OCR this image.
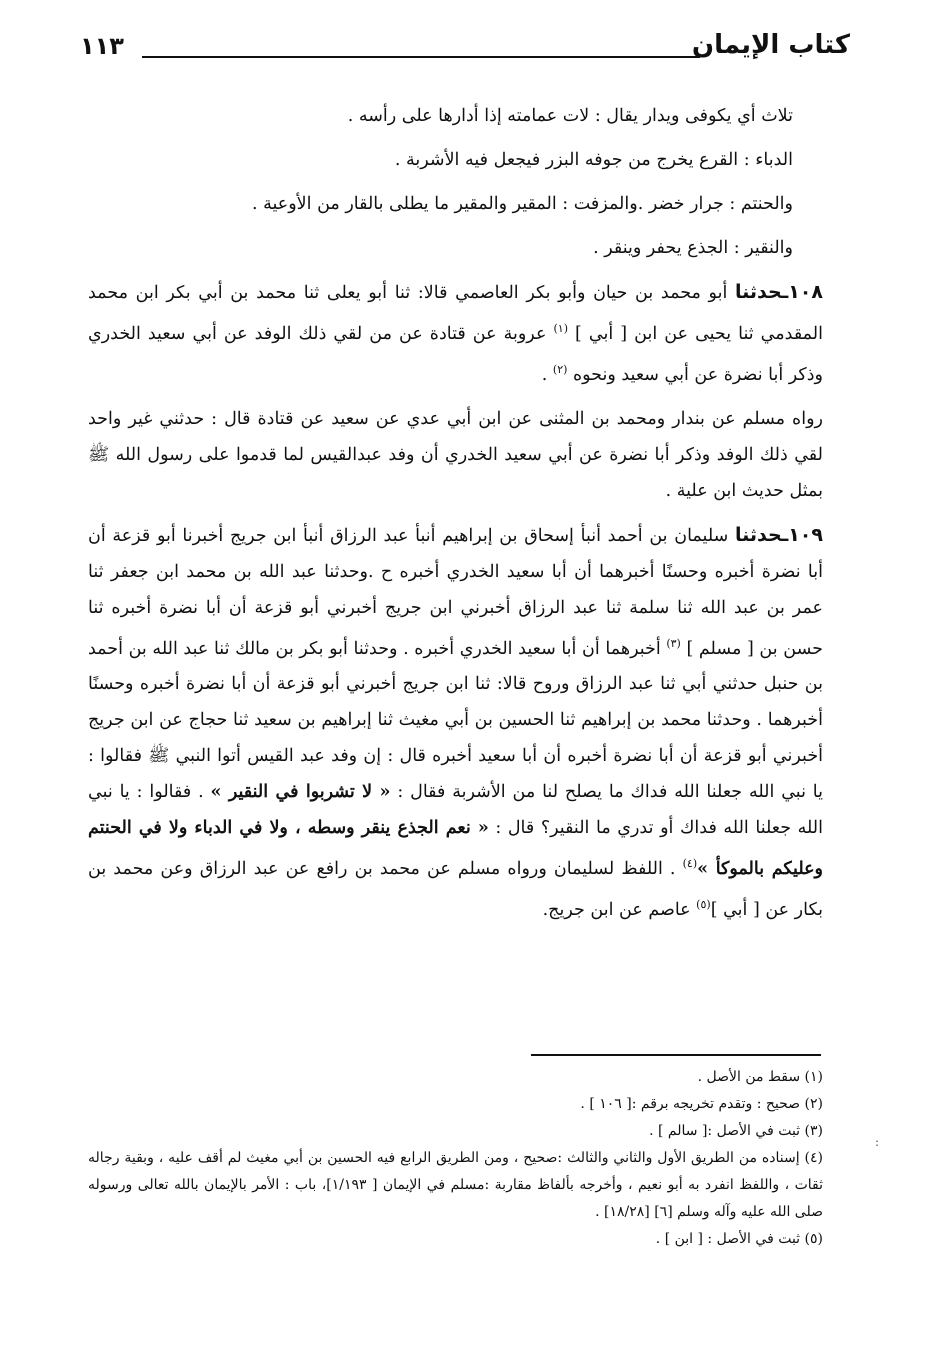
كتاب الإيمان
١١٣

تلاث أي يكوفى ويدار يقال : لات عمامته إذا أدارها على رأسه .

الدباء : القرع يخرج من جوفه البزر فيجعل فيه الأشربة .

والحنتم : جرار خضر .والمزفت : المقير والمقير ما يطلى بالقار من الأوعية .

والنقير : الجذع يحفر وينقر .

١٠٨ـحدثنا أبو محمد بن حيان وأبو بكر العاصمي قالا: ثنا أبو يعلى ثنا محمد بن أبي بكر ابن محمد المقدمي ثنا يحيى عن ابن [ أبي ] $^{(١)}$ عروبة عن قتادة عن من لقي ذلك الوفد عن أبي سعيد الخدري وذكر أبا نضرة عن أبي سعيد ونحوه $^{(٢)}$ .

رواه مسلم عن بندار ومحمد بن المثنى عن ابن أبي عدي عن سعيد عن قتادة قال : حدثني غير واحد لقي ذلك الوفد وذكر أبا نضرة عن أبي سعيد الخدري أن وفد عبدالقيس لما قدموا على رسول الله ﷺ بمثل حديث ابن علية .

١٠٩ـحدثنا سليمان بن أحمد أنبأ إسحاق بن إبراهيم أنبأ عبد الرزاق أنبأ ابن جريج أخبرنا أبو قزعة أن أبا نضرة أخبره وحسنًا أخبرهما أن أبا سعيد الخدري أخبره ح .وحدثنا عبد الله بن محمد ابن جعفر ثنا عمر بن عبد الله ثنا سلمة ثنا عبد الرزاق أخبرني ابن جريج أخبرني أبو قزعة أن أبا نضرة أخبره ثنا حسن بن [ مسلم ] $^{(٣)}$ أخبرهما أن أبا سعيد الخدري أخبره . وحدثنا أبو بكر بن مالك ثنا عبد الله بن أحمد بن حنبل حدثني أبي ثنا عبد الرزاق وروح قالا: ثنا ابن جريج أخبرني أبو قزعة أن أبا نضرة أخبره وحسنًا أخبرهما . وحدثنا محمد بن إبراهيم ثنا الحسين بن أبي مغيث ثنا إبراهيم بن سعيد ثنا حجاج عن ابن جريج أخبرني أبو قزعة أن أبا نضرة أخبره أن أبا سعيد أخبره قال : إن وفد عبد القيس أتوا النبي ﷺ فقالوا : يا نبي الله جعلنا الله فداك ما يصلح لنا من الأشربة فقال : « لا تشربوا في النقير » . فقالوا : يا نبي الله جعلنا الله فداك أو تدري ما النقير؟ قال : « نعم الجذع ينقر وسطه ، ولا في الدباء ولا في الحنتم وعليكم بالموكأ »$^{(٤)}$ . اللفظ لسليمان ورواه مسلم عن محمد بن رافع عن عبد الرزاق وعن محمد بن بكار عن [ أبي ]$^{(٥)}$ عاصم عن ابن جريج.

(١) سقط من الأصل .

(٢) صحيح : وتقدم تخريجه برقم :[ ١٠٦ ] .

(٣) ثبت في الأصل :[ سالم ] .

(٤) إسناده من الطريق الأول والثاني والثالث :صحيح ، ومن الطريق الرابع فيه الحسين بن أبي مغيث لم أقف عليه ، وبقية رجاله ثقات ، واللفظ انفرد به أبو نعيم ، وأخرجه بألفاظ مقاربة :مسلم في الإيمان [ ١/١٩٣]، باب : الأمر بالإيمان بالله تعالى ورسوله صلى الله عليه وآله وسلم [٦] [١٨/٢٨] .

(٥) ثبت في الأصل : [ ابن ] .

:
